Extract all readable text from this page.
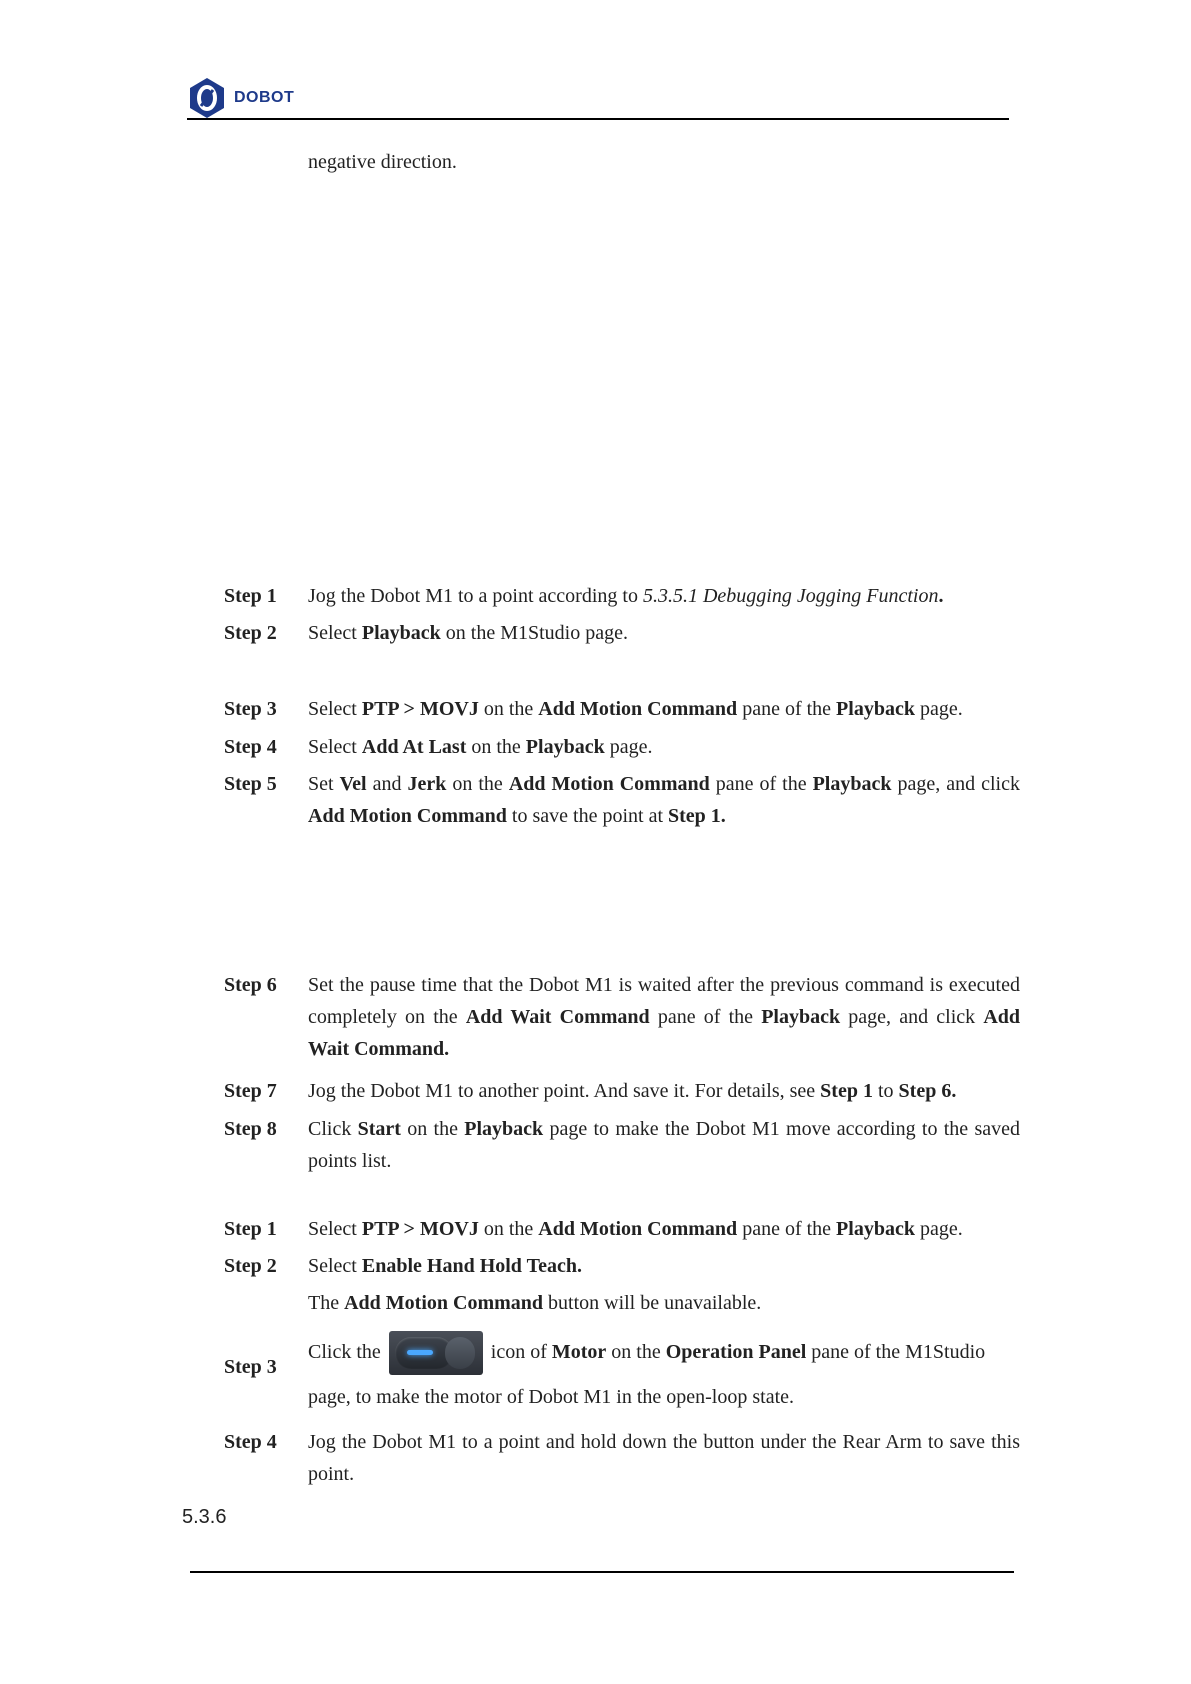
DOBOT
negative direction.
Step 1 Jog the Dobot M1 to a point according to 5.3.5.1 Debugging Jogging Function.
Step 2 Select Playback on the M1Studio page.
Step 3 Select PTP > MOVJ on the Add Motion Command pane of the Playback page.
Step 4 Select Add At Last on the Playback page.
Step 5 Set Vel and Jerk on the Add Motion Command pane of the Playback page, and click Add Motion Command to save the point at Step 1.
Step 6 Set the pause time that the Dobot M1 is waited after the previous command is executed completely on the Add Wait Command pane of the Playback page, and click Add Wait Command.
Step 7 Jog the Dobot M1 to another point. And save it. For details, see Step 1 to Step 6.
Step 8 Click Start on the Playback page to make the Dobot M1 move according to the saved points list.
Step 1 Select PTP > MOVJ on the Add Motion Command pane of the Playback page.
Step 2 Select Enable Hand Hold Teach.
The Add Motion Command button will be unavailable.
Step 3
Click the	icon of Motor on the Operation Panel pane of the M1Studio page, to make the motor of Dobot M1 in the open-loop state.
Step 4 Jog the Dobot M1 to a point and hold down the button under the Rear Arm to save this point.
5.3.6
